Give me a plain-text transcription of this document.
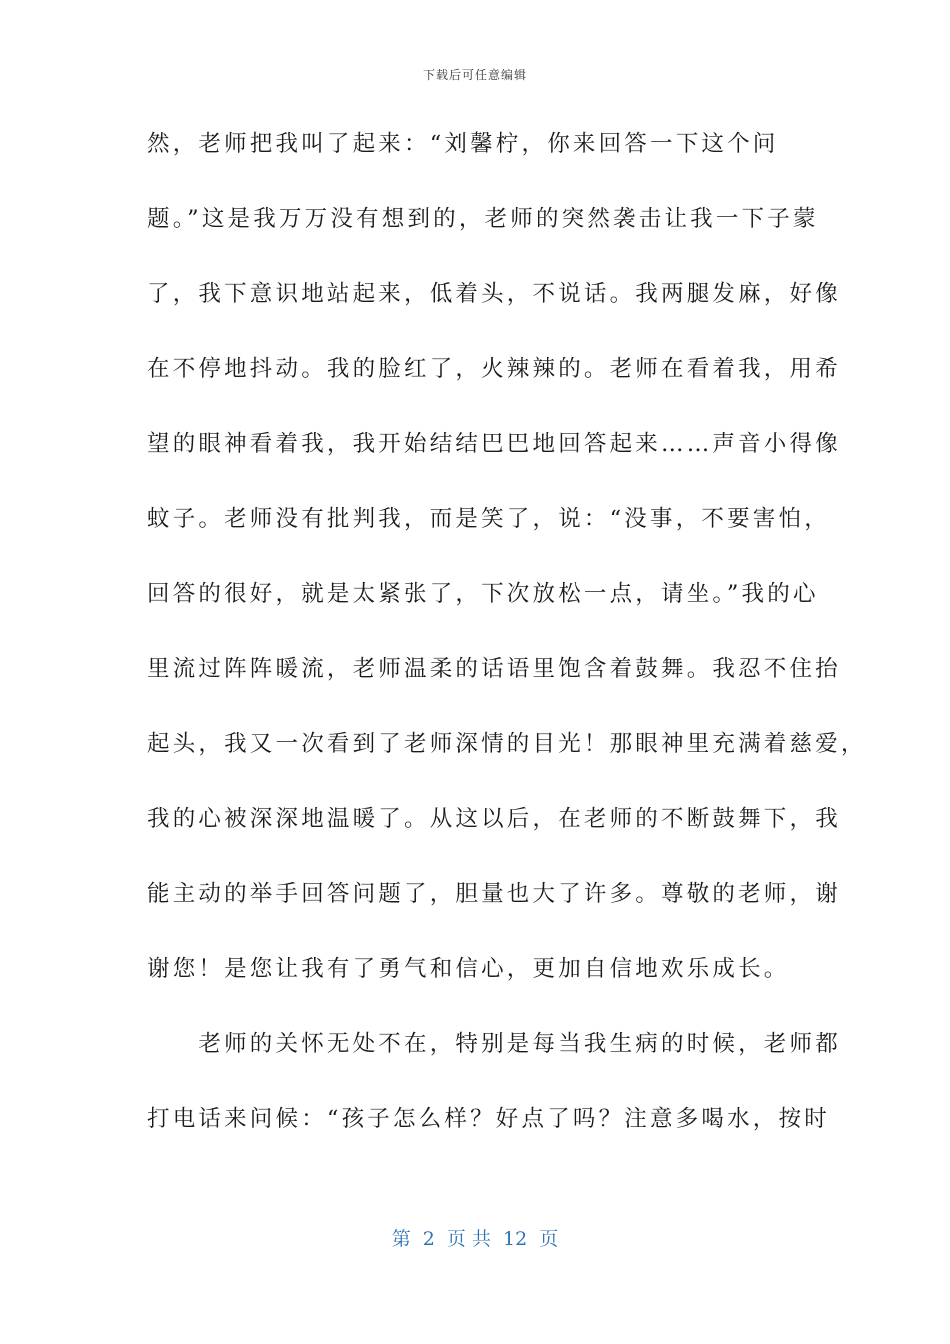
下载后可任意编辑
然，老师把我叫了起来：“刘馨柠，你来回答一下这个问
题。”这是我万万没有想到的，老师的突然袭击让我一下子蒙
了，我下意识地站起来，低着头，不说话。我两腿发麻，好像
在不停地抖动。我的脸红了，火辣辣的。老师在看着我，用希
望的眼神看着我，我开始结结巴巴地回答起来……声音小得像
蚊子。老师没有批判我，而是笑了，说：“没事，不要害怕，
回答的很好，就是太紧张了，下次放松一点，请坐。”我的心
里流过阵阵暖流，老师温柔的话语里饱含着鼓舞。我忍不住抬
起头，我又一次看到了老师深情的目光！那眼神里充满着慈爱，
我的心被深深地温暖了。从这以后，在老师的不断鼓舞下，我
能主动的举手回答问题了，胆量也大了许多。尊敬的老师，谢
谢您！是您让我有了勇气和信心，更加自信地欢乐成长。
　　老师的关怀无处不在，特别是每当我生病的时候，老师都
打电话来问候：“孩子怎么样？好点了吗？注意多喝水，按时
第  2  页 共  12  页
